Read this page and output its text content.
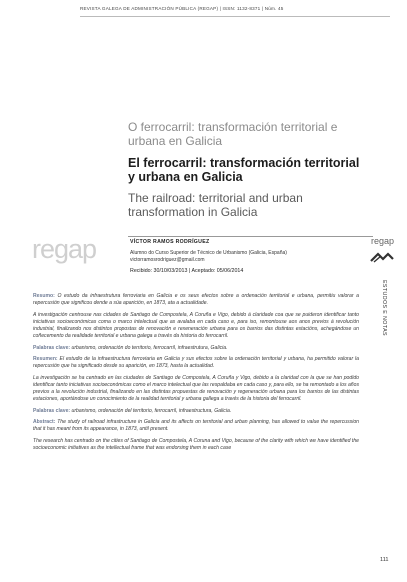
REVISTA GALEGA DE ADMINISTRACIÓN PÚBLICA (REGAP) | ISSN: 1132-8371 | Núm. 45
O ferrocarril: transformación territorial e urbana en Galicia
El ferrocarril: transformación territorial y urbana en Galicia
The railroad: territorial and urban transformation in Galicia
regap	VÍCTOR RAMOS RODRÍGUEZ
Alumno do Curso Superior de Técnico de Urbanismo (Galicia, España)
victorramosrodriguez@gmail.com
Recibido: 30/10/03/2013 | Aceptado: 05/06/2014
regap
ESTUDOS E NOTAS

Resumo: O estudo da infraestrutura ferroviaria en Galicia e os seus efectos sobre a ordenación territorial e urbana, permitiu valorar a repercusión que significou dende a súa aparición, en 1873, ata a actualidade.

A investigación centrouse nas cidades de Santiago de Compostela, A Coruña e Vigo, debido á claridade coa que se puideron identificar tanto iniciativas socioeconómicas coma o marco intelectual que as avalaba en cada caso e, para iso, remontouse aos anos previos á revolución industrial, finalizando nos distintos propostas de renovación e rexeneración urbana para os barrios das distintas estacións, achegándose un coñecemento da realidade territorial e urbana galega a través da historia do ferrocarril.

Palabras clave: urbanismo, ordenación do territorio, ferrocarril, infraestrutura, Galicia.

Resumen: El estudio de la infraestructura ferroviaria en Galicia y sus efectos sobre la ordenación territorial y urbana, ha permitido valorar la repercusión que ha significado desde su aparición, en 1873, hasta la actualidad.

La investigación se ha centrado en las ciudades de Santiago de Compostela, A Coruña y Vigo, debido a la claridad con la que se han podido identificar tanto iniciativas socioeconómicas como el marco intelectual que las respaldaba en cada caso y, para ello, se ha remontado a los años previos a la revolución industrial, finalizando en las distintas propuestas de renovación y regeneración urbana para los barrios de las distintas estaciones, aportándose un conocimiento de la realidad territorial y urbana gallega a través de la historia del ferrocarril.

Palabras clave: urbanismo, ordenación del territorio, ferrocarril, infraestructura, Galicia.

Abstract: The study of railroad infrastructure in Galicia and its affects on territorial and urban planning, has allowed to value the repercussion that it has meant from its appearance, in 1873, until present.

The research has centrado on the cities of Santiago de Compostela, A Coruna and Vigo, because of the clarity with which we have identified the socioeconomic initiatives as the intellectual frame that was endorsing them in each case

111
